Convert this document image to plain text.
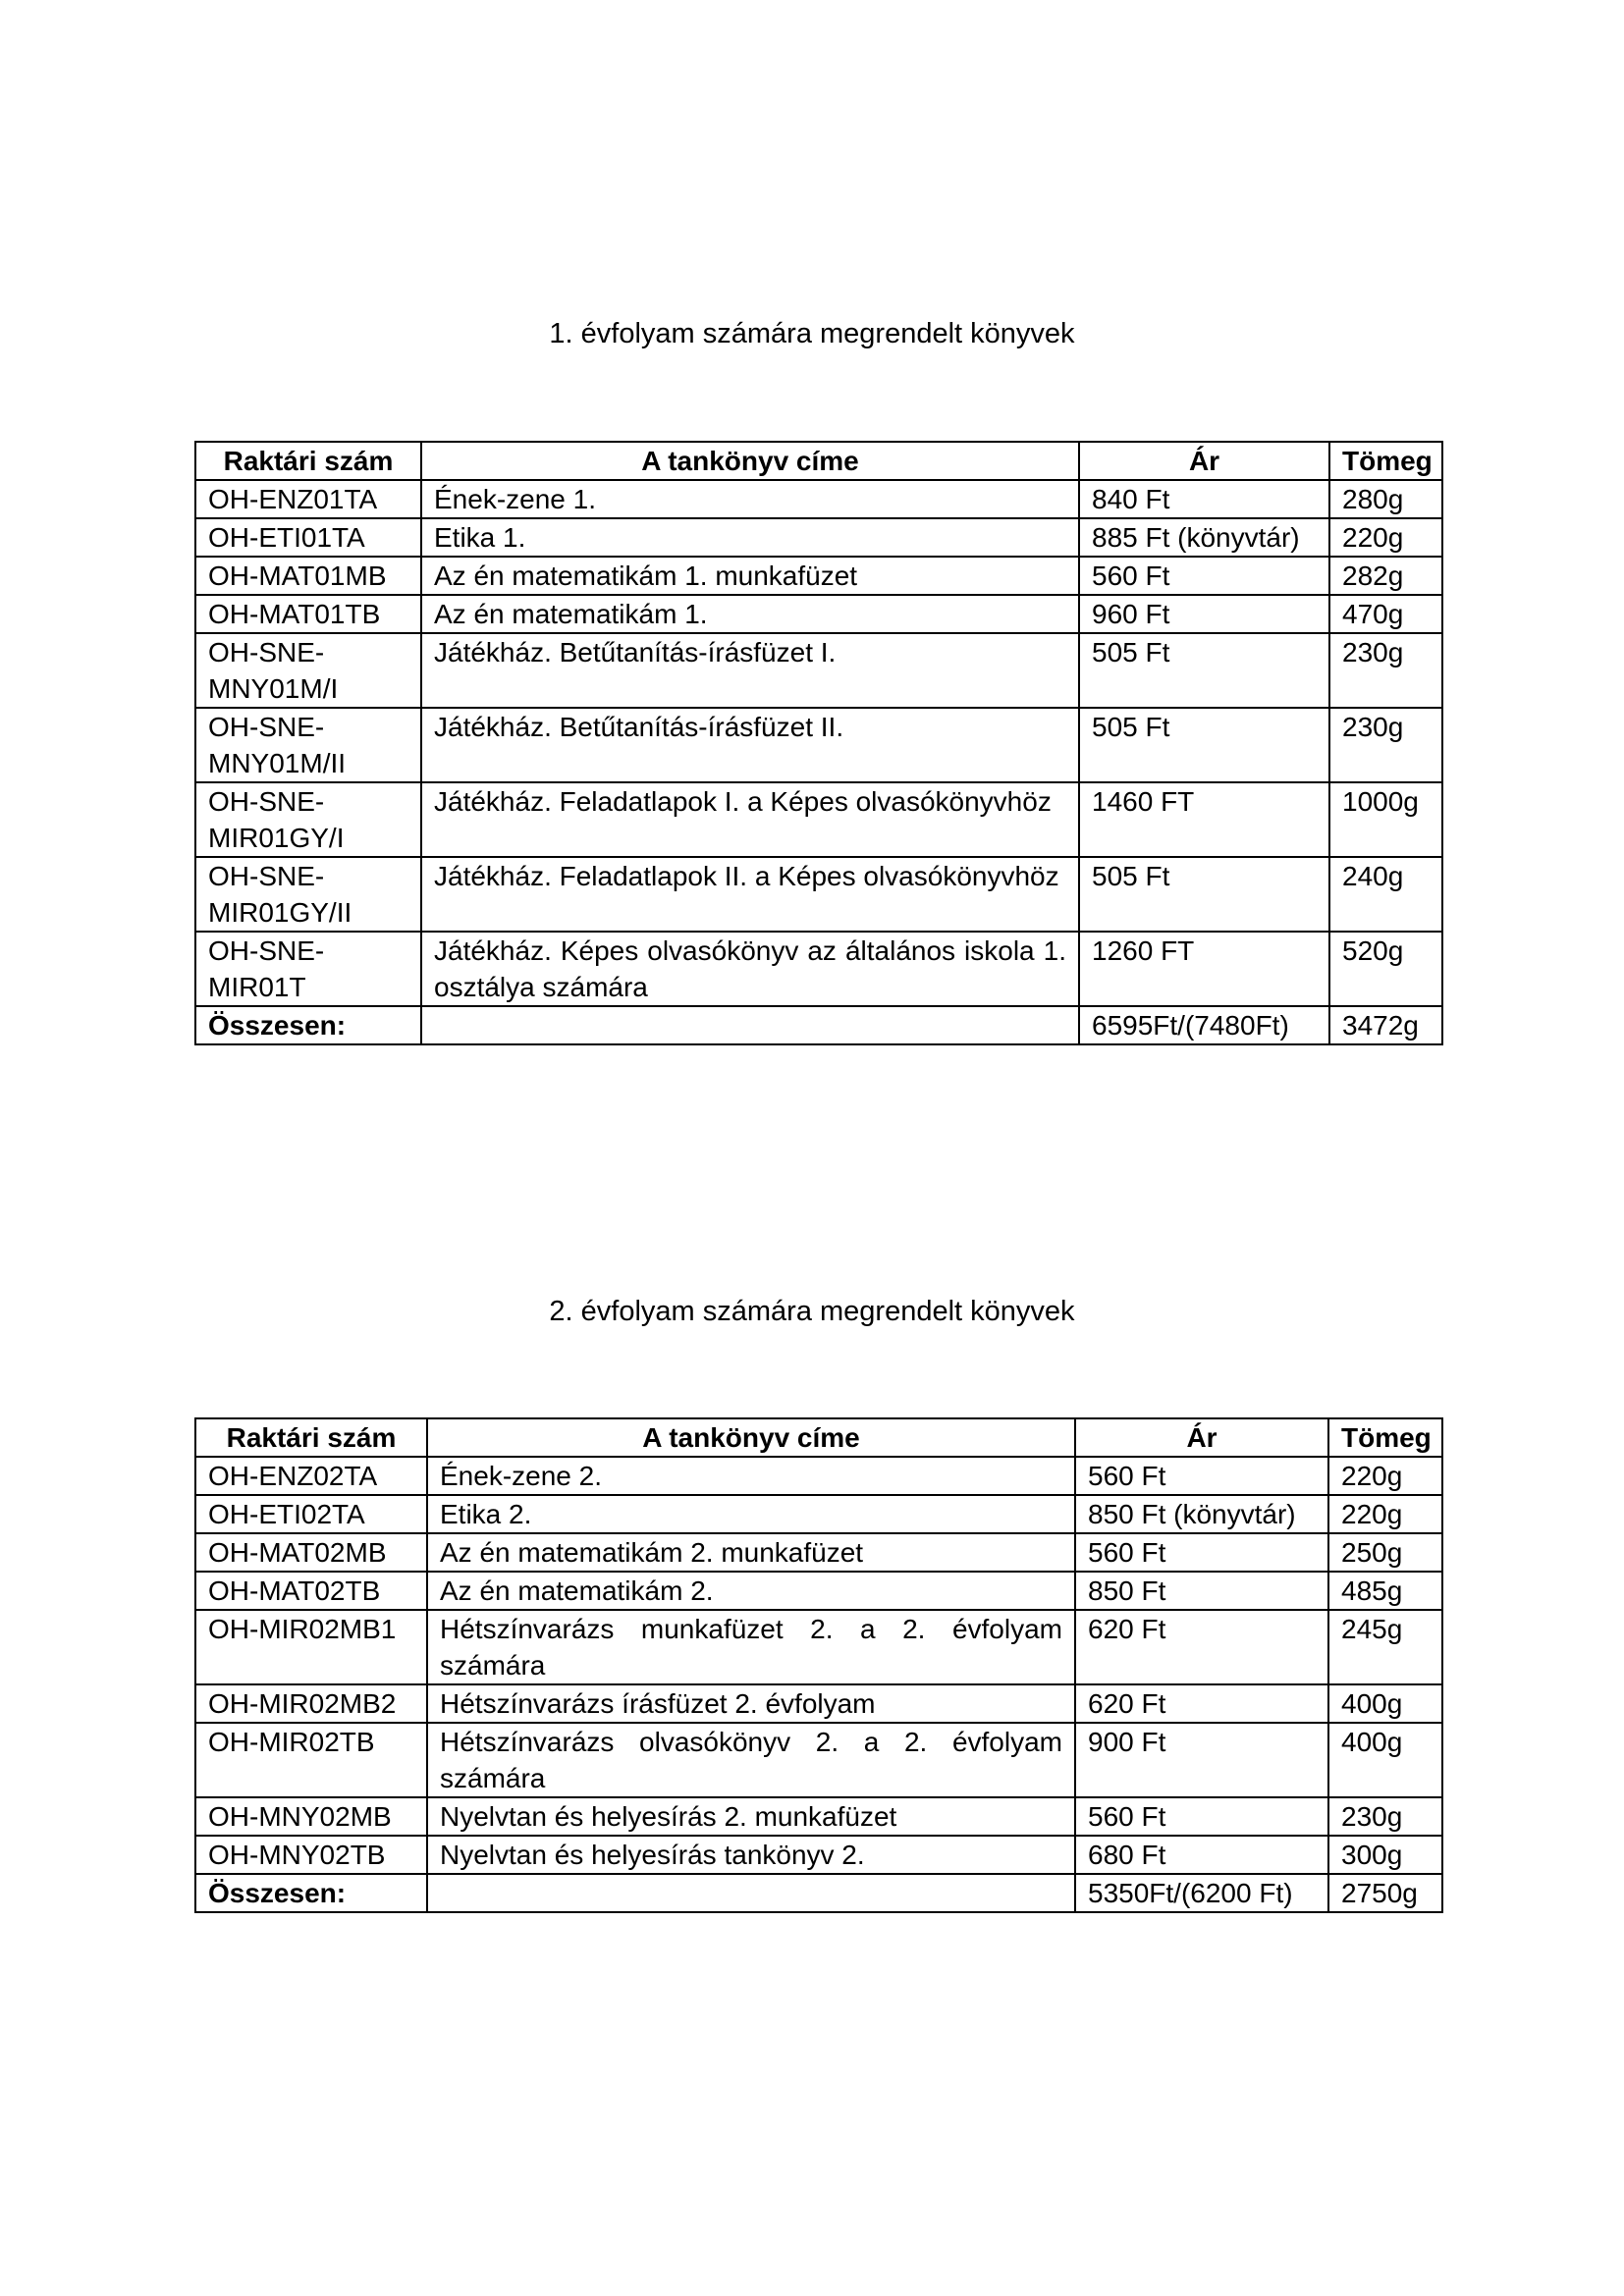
1. évfolyam számára megrendelt könyvek
Raktári szám	A tankönyv címe	Ár	Tömeg
OH-ENZ01TA	Ének-zene 1.	840 Ft	280g
OH-ETI01TA	Etika 1.	885 Ft (könyvtár)	220g
OH-MAT01MB	Az én matematikám 1. munkafüzet	560 Ft	282g
OH-MAT01TB	Az én matematikám 1.	960 Ft	470g

OH-SNE-
MNY01M/I	Játékház. Betűtanítás-írásfüzet I.	505 Ft	230g

OH-SNE-
MNY01M/II	Játékház. Betűtanítás-írásfüzet II.	505 Ft	230g

OH-SNE-
MIR01GY/I	Játékház. Feladatlapok I. a Képes olvasókönyvhöz	1460 FT	1000g

OH-SNE-
MIR01GY/II	Játékház. Feladatlapok II. a Képes olvasókönyvhöz	505 Ft	240g

OH-SNE-
MIR01T	Játékház. Képes olvasókönyv az általános iskola 1. osztálya számára	1260 FT	520g
Összesen:		6595Ft/(7480Ft)	3472g
2. évfolyam számára megrendelt könyvek
Raktári szám	A tankönyv címe	Ár	Tömeg
OH-ENZ02TA	Ének-zene 2.	560 Ft	220g
OH-ETI02TA	Etika 2.	850 Ft (könyvtár)	220g
OH-MAT02MB	Az én matematikám 2. munkafüzet	560 Ft	250g
OH-MAT02TB	Az én matematikám 2.	850 Ft	485g
OH-MIR02MB1	Hétszínvarázs munkafüzet 2. a 2. évfolyam számára	620 Ft	245g
OH-MIR02MB2	Hétszínvarázs írásfüzet 2. évfolyam	620 Ft	400g
OH-MIR02TB	Hétszínvarázs olvasókönyv 2. a 2. évfolyam számára	900 Ft	400g
OH-MNY02MB	Nyelvtan és helyesírás 2. munkafüzet	560 Ft	230g
OH-MNY02TB	Nyelvtan és helyesírás tankönyv 2.	680 Ft	300g
Összesen:		5350Ft/(6200 Ft)	2750g
